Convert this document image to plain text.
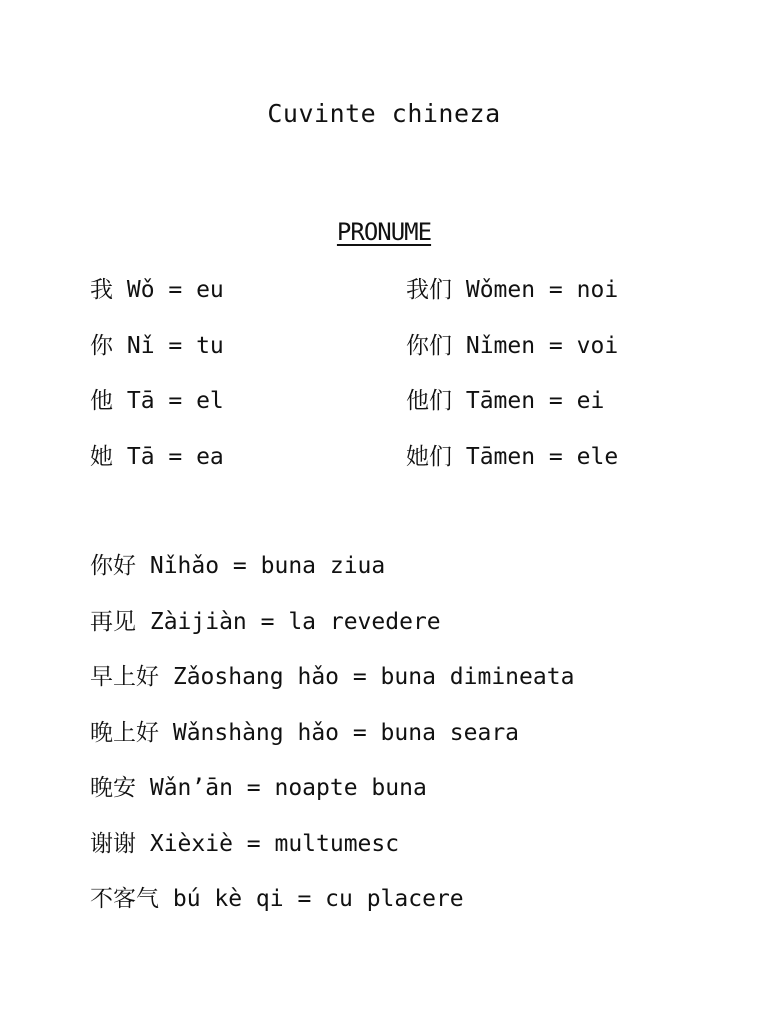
Cuvinte chineza
PRONUME
我 Wǒ = eu	我们 Wǒmen = noi
你 Nǐ = tu	你们 Nǐmen = voi
他 Tā = el	他们 Tāmen = ei
她 Tā = ea	她们 Tāmen = ele
你好 Nǐhǎo = buna ziua
再见 Zàijiàn = la revedere
早上好 Zǎoshang hǎo = buna dimineata
晚上好 Wǎnshàng hǎo = buna seara
晚安 Wǎn’ān = noapte buna
谢谢 Xièxiè = multumesc
不客气 bú kè qi = cu placere
